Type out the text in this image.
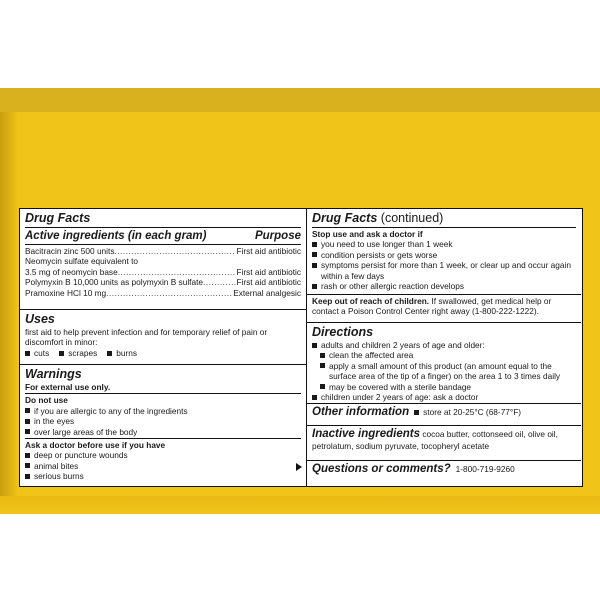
Drug Facts
Active ingredients (in each gram)	Purpose
Bacitracin zinc 500 units .....	First aid antibiotic
Neomycin sulfate equivalent to
3.5 mg of neomycin base .....	First aid antibiotic
Polymyxin B 10,000 units as polymyxin B sulfate .....	First aid antibiotic
Pramoxine HCl 10 mg .....	External analgesic
Uses
first aid to help prevent infection and for temporary relief of pain or discomfort in minor:
cuts scrapes burns
Warnings
For external use only.
Do not use
if you are allergic to any of the ingredients
in the eyes
over large areas of the body
Ask a doctor before use if you have
deep or puncture wounds
animal bites
serious burns
Drug Facts (continued)
Stop use and ask a doctor if
you need to use longer than 1 week
condition persists or gets worse
symptoms persist for more than 1 week, or clear up and occur again within a few days
rash or other allergic reaction develops
Keep out of reach of children. If swallowed, get medical help or contact a Poison Control Center right away (1-800-222-1222).
Directions
adults and children 2 years of age and older:
clean the affected area
apply a small amount of this product (an amount equal to the surface area of the tip of a finger) on the area 1 to 3 times daily
may be covered with a sterile bandage
children under 2 years of age: ask a doctor
Other information store at 20-25°C (68-77°F)
Inactive ingredients cocoa butter, cottonseed oil, olive oil, petrolatum, sodium pyruvate, tocopheryl acetate
Questions or comments? 1-800-719-9260
